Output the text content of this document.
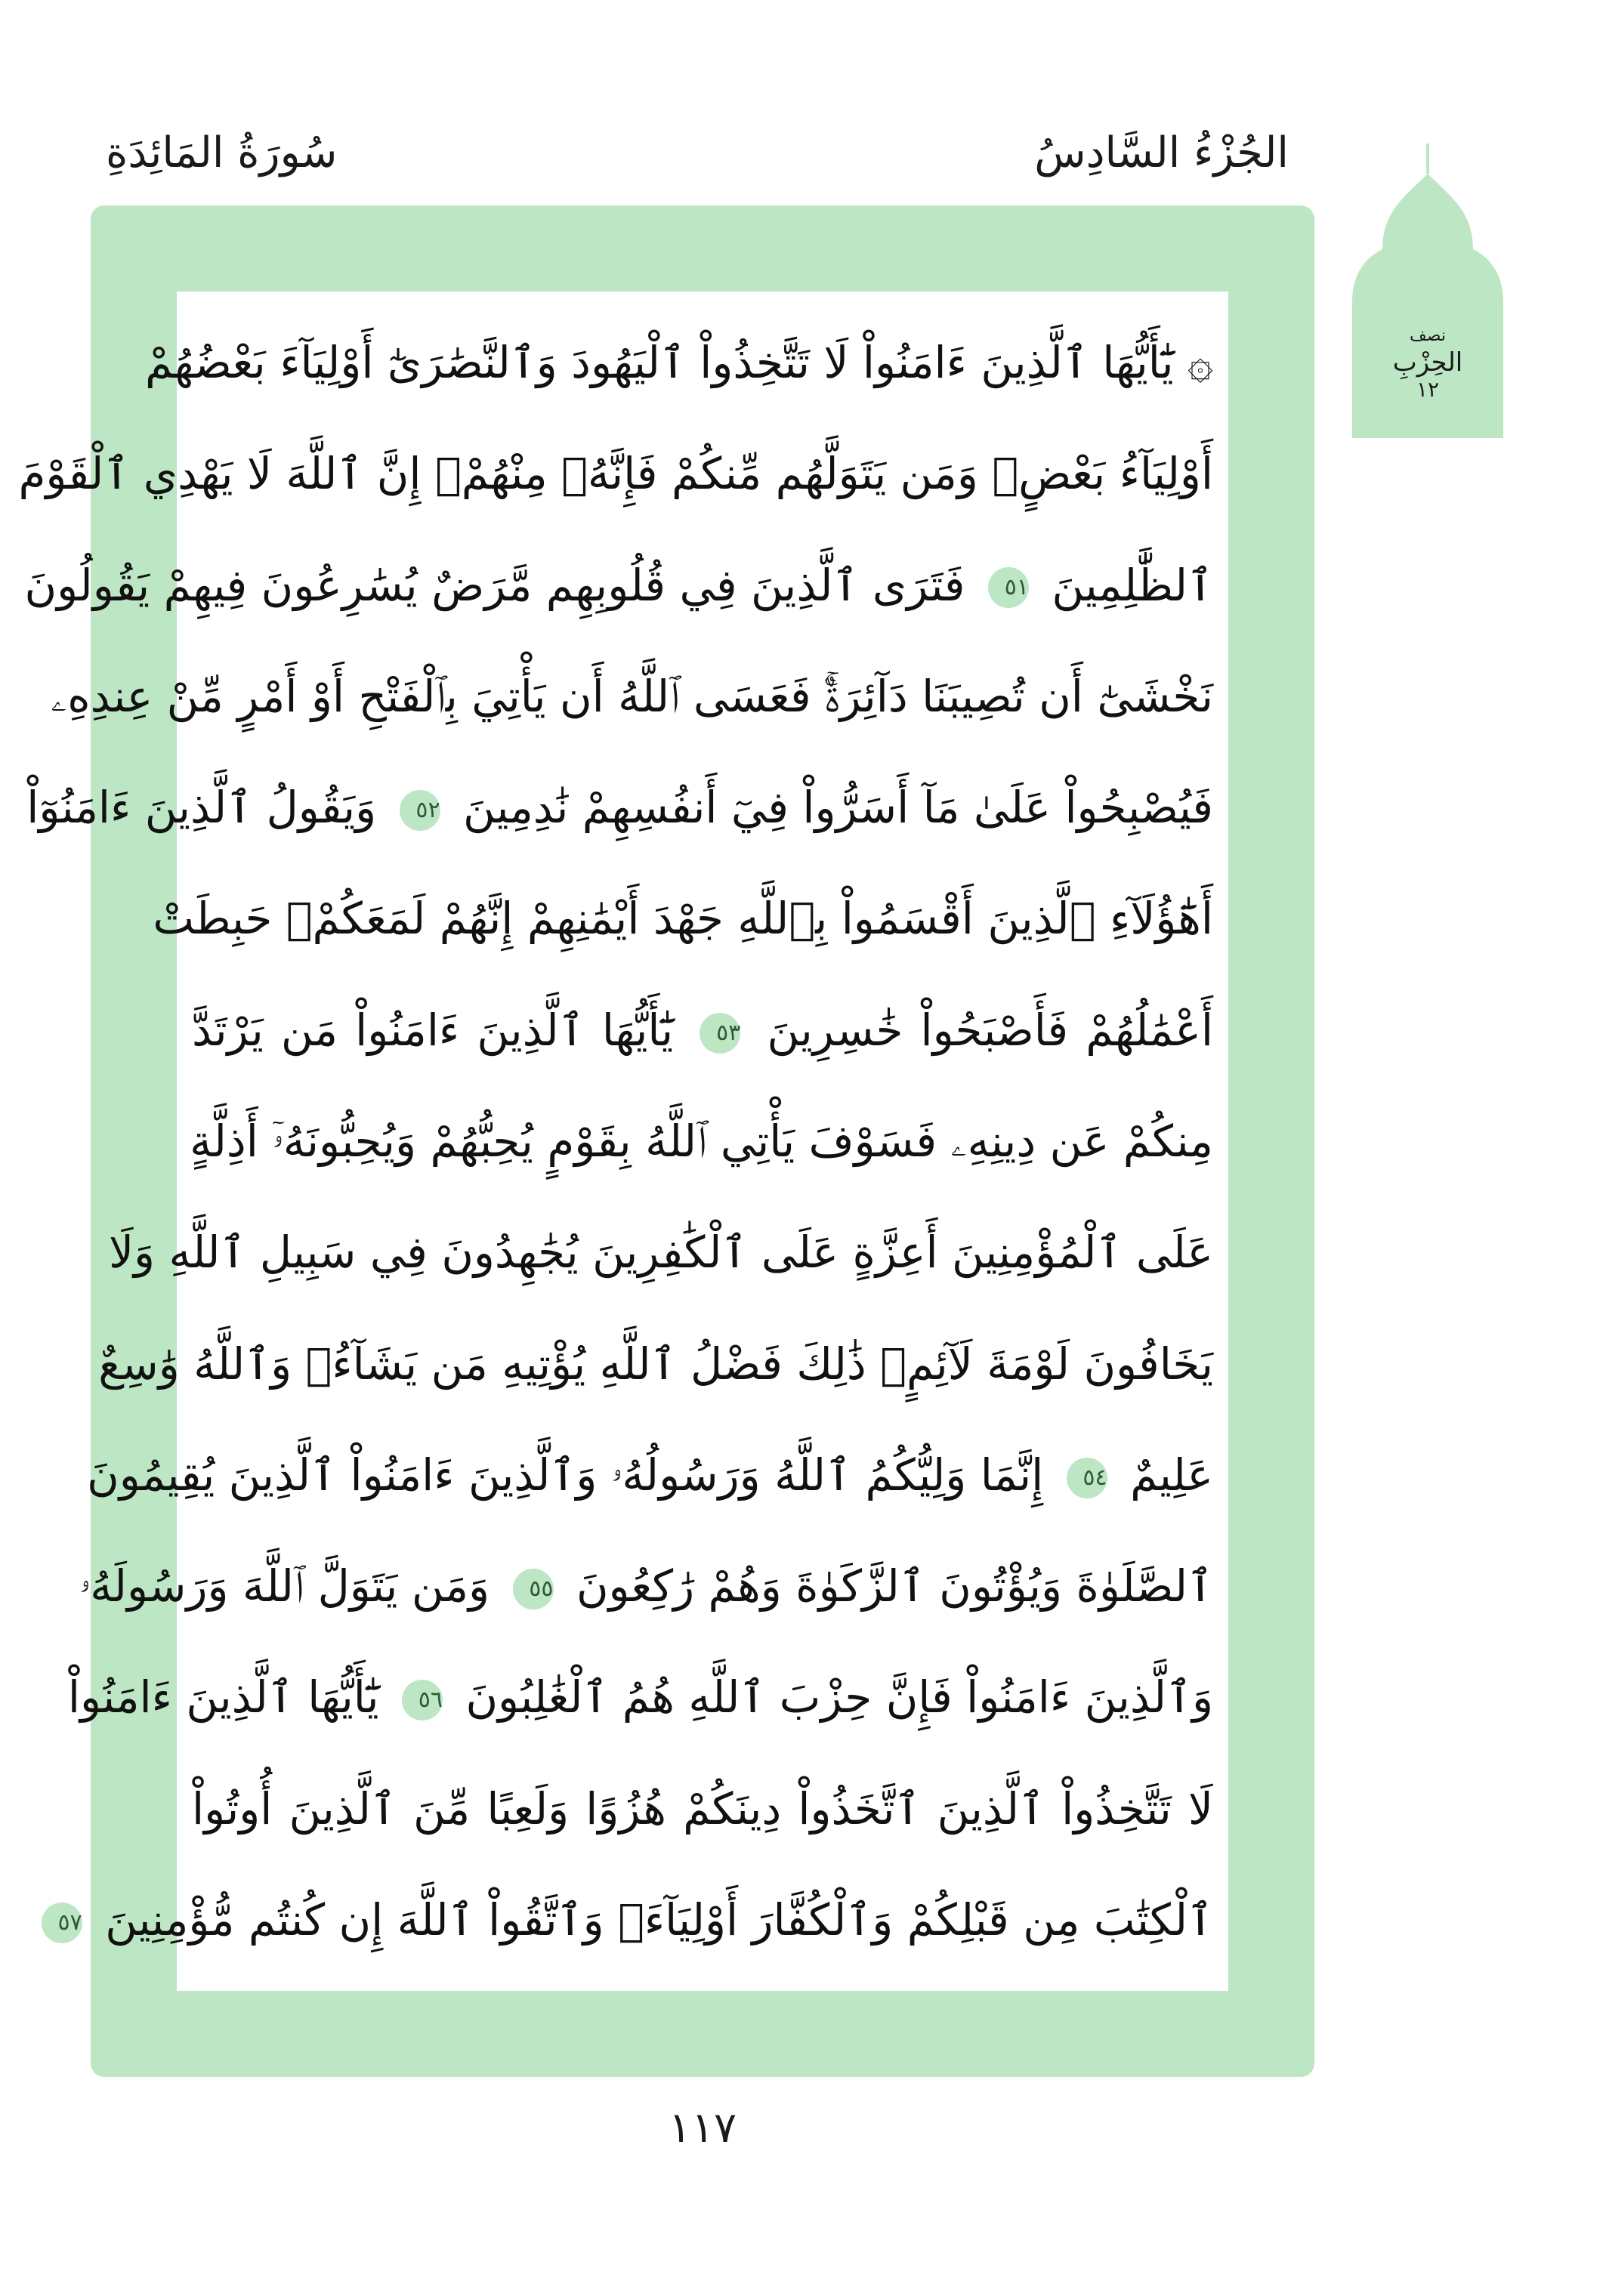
الجُزْءُ السَّادِسُ
سُورَةُ المَائِدَةِ
۞ يَٰٓأَيُّهَا ٱلَّذِينَ ءَامَنُواْ لَا تَتَّخِذُواْ ٱلْيَهُودَ وَٱلنَّصَٰرَىٰٓ أَوْلِيَآءَ بَعْضُهُمْ
أَوْلِيَآءُ بَعْضٍۚ وَمَن يَتَوَلَّهُم مِّنكُمْ فَإِنَّهُۥ مِنْهُمْۗ إِنَّ ٱللَّهَ لَا يَهْدِي ٱلْقَوْمَ
ٱلظَّٰلِمِينَ ٥١ فَتَرَى ٱلَّذِينَ فِي قُلُوبِهِم مَّرَضٌ يُسَٰرِعُونَ فِيهِمْ يَقُولُونَ
نَخْشَىٰٓ أَن تُصِيبَنَا دَآئِرَةٌۚ فَعَسَى ٱللَّهُ أَن يَأْتِيَ بِٱلْفَتْحِ أَوْ أَمْرٍ مِّنْ عِندِهِۦ
فَيُصْبِحُواْ عَلَىٰ مَآ أَسَرُّواْ فِيٓ أَنفُسِهِمْ نَٰدِمِينَ ٥٢ وَيَقُولُ ٱلَّذِينَ ءَامَنُوٓاْ
أَهَٰٓؤُلَآءِ ٱلَّذِينَ أَقْسَمُواْ بِٱللَّهِ جَهْدَ أَيْمَٰنِهِمْ إِنَّهُمْ لَمَعَكُمْۚ حَبِطَتْ
أَعْمَٰلُهُمْ فَأَصْبَحُواْ خَٰسِرِينَ ٥٣ يَٰٓأَيُّهَا ٱلَّذِينَ ءَامَنُواْ مَن يَرْتَدَّ
مِنكُمْ عَن دِينِهِۦ فَسَوْفَ يَأْتِي ٱللَّهُ بِقَوْمٍ يُحِبُّهُمْ وَيُحِبُّونَهُۥٓ أَذِلَّةٍ
عَلَى ٱلْمُؤْمِنِينَ أَعِزَّةٍ عَلَى ٱلْكَٰفِرِينَ يُجَٰهِدُونَ فِي سَبِيلِ ٱللَّهِ وَلَا
يَخَافُونَ لَوْمَةَ لَآئِمٍۚ ذَٰلِكَ فَضْلُ ٱللَّهِ يُؤْتِيهِ مَن يَشَآءُۚ وَٱللَّهُ وَٰسِعٌ
عَلِيمٌ ٥٤ إِنَّمَا وَلِيُّكُمُ ٱللَّهُ وَرَسُولُهُۥ وَٱلَّذِينَ ءَامَنُواْ ٱلَّذِينَ يُقِيمُونَ
ٱلصَّلَوٰةَ وَيُؤْتُونَ ٱلزَّكَوٰةَ وَهُمْ رَٰكِعُونَ ٥٥ وَمَن يَتَوَلَّ ٱللَّهَ وَرَسُولَهُۥ
وَٱلَّذِينَ ءَامَنُواْ فَإِنَّ حِزْبَ ٱللَّهِ هُمُ ٱلْغَٰلِبُونَ ٥٦ يَٰٓأَيُّهَا ٱلَّذِينَ ءَامَنُواْ
لَا تَتَّخِذُواْ ٱلَّذِينَ ٱتَّخَذُواْ دِينَكُمْ هُزُوًا وَلَعِبًا مِّنَ ٱلَّذِينَ أُوتُواْ
ٱلْكِتَٰبَ مِن قَبْلِكُمْ وَٱلْكُفَّارَ أَوْلِيَآءَۚ وَٱتَّقُواْ ٱللَّهَ إِن كُنتُم مُّؤْمِنِينَ ٥٧
نصف
الحِزْبِ
١٢
١١٧
